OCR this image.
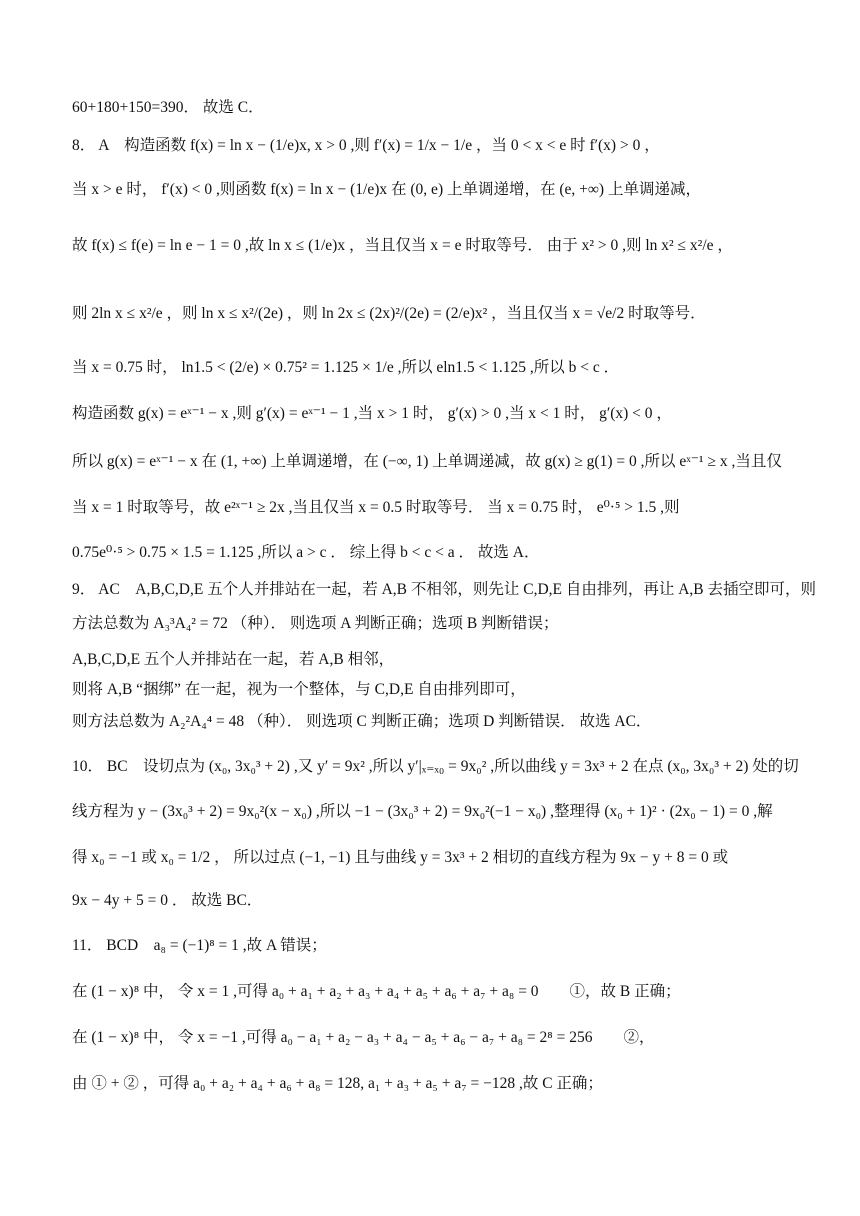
60+180+150=390． 故选 C．
8． A　构造函数 f(x) = ln x − (1/e)x, x > 0 ,则 f′(x) = 1/x − 1/e ，当 0 < x < e 时 f′(x) > 0 ，
当 x > e 时， f′(x) < 0 ,则函数 f(x) = ln x − (1/e)x 在 (0, e) 上单调递增，在 (e, +∞) 上单调递减，
故 f(x) ≤ f(e) = ln e − 1 = 0 ,故 ln x ≤ (1/e)x ，当且仅当 x = e 时取等号． 由于 x² > 0 ,则 ln x² ≤ x²/e ，
则 2ln x ≤ x²/e ，则 ln x ≤ x²/(2e) ，则 ln 2x ≤ (2x)²/(2e) = (2/e)x² ，当且仅当 x = √e/2 时取等号．
当 x = 0.75 时， ln1.5 < (2/e) × 0.75² = 1.125 × 1/e ,所以 eln1.5 < 1.125 ,所以 b < c ．
构造函数 g(x) = eˣ⁻¹ − x ,则 g′(x) = eˣ⁻¹ − 1 ,当 x > 1 时， g′(x) > 0 ,当 x < 1 时， g′(x) < 0 ，
所以 g(x) = eˣ⁻¹ − x 在 (1, +∞) 上单调递增，在 (−∞, 1) 上单调递减，故 g(x) ≥ g(1) = 0 ,所以 eˣ⁻¹ ≥ x ,当且仅
当 x = 1 时取等号，故 e²ˣ⁻¹ ≥ 2x ,当且仅当 x = 0.5 时取等号． 当 x = 0.75 时， e⁰·⁵ > 1.5 ,则
0.75e⁰·⁵ > 0.75 × 1.5 = 1.125 ,所以 a > c ． 综上得 b < c < a ． 故选 A．
9． AC　A,B,C,D,E 五个人并排站在一起，若 A,B 不相邻，则先让 C,D,E 自由排列，再让 A,B 去插空即可，则
方法总数为 A₃³A₄² = 72 （种）． 则选项 A 判断正确；选项 B 判断错误；
A,B,C,D,E 五个人并排站在一起，若 A,B 相邻，
则将 A,B “捆绑” 在一起，视为一个整体，与 C,D,E 自由排列即可，
则方法总数为 A₂²A₄⁴ = 48 （种）． 则选项 C 判断正确；选项 D 判断错误． 故选 AC．
10． BC　设切点为 (x₀, 3x₀³ + 2) ,又 y′ = 9x² ,所以 y′|ₓ₌ₓ₀ = 9x₀² ,所以曲线 y = 3x³ + 2 在点 (x₀, 3x₀³ + 2) 处的切
线方程为 y − (3x₀³ + 2) = 9x₀²(x − x₀) ,所以 −1 − (3x₀³ + 2) = 9x₀²(−1 − x₀) ,整理得 (x₀ + 1)² · (2x₀ − 1) = 0 ,解
得 x₀ = −1 或 x₀ = 1/2 ， 所以过点 (−1, −1) 且与曲线 y = 3x³ + 2 相切的直线方程为 9x − y + 8 = 0 或
9x − 4y + 5 = 0 ． 故选 BC．
11． BCD　a₈ = (−1)⁸ = 1 ,故 A 错误；
在 (1 − x)⁸ 中， 令 x = 1 ,可得 a₀ + a₁ + a₂ + a₃ + a₄ + a₅ + a₆ + a₇ + a₈ = 0　　①，故 B 正确；
在 (1 − x)⁸ 中， 令 x = −1 ,可得 a₀ − a₁ + a₂ − a₃ + a₄ − a₅ + a₆ − a₇ + a₈ = 2⁸ = 256　　②，
由 ① + ② ，可得 a₀ + a₂ + a₄ + a₆ + a₈ = 128, a₁ + a₃ + a₅ + a₇ = −128 ,故 C 正确；
